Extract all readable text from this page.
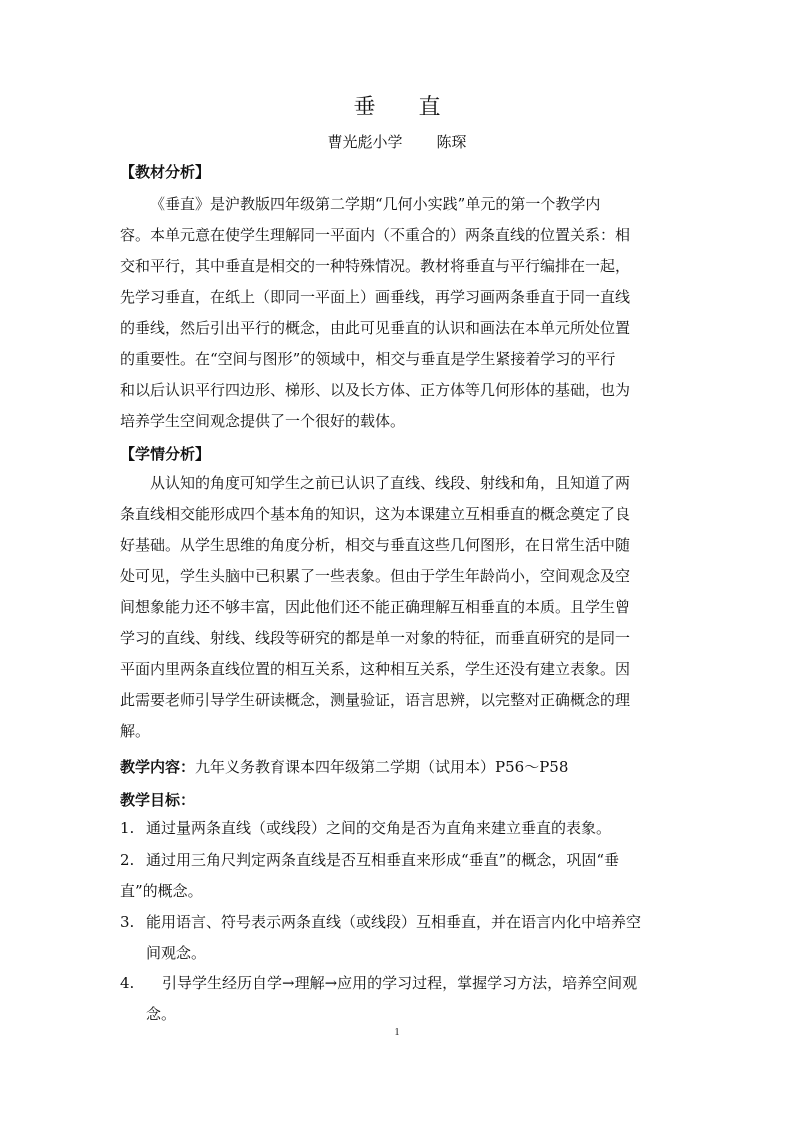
垂 直
曹光彪小学 陈琛
【教材分析】
《垂直》是沪教版四年级第二学期“几何小实践”单元的第一个教学内
容。本单元意在使学生理解同一平面内（不重合的）两条直线的位置关系：相
交和平行，其中垂直是相交的一种特殊情况。教材将垂直与平行编排在一起，
先学习垂直，在纸上（即同一平面上）画垂线，再学习画两条垂直于同一直线
的垂线，然后引出平行的概念，由此可见垂直的认识和画法在本单元所处位置
的重要性。在“空间与图形”的领域中，相交与垂直是学生紧接着学习的平行
和以后认识平行四边形、梯形、以及长方体、正方体等几何形体的基础，也为
培养学生空间观念提供了一个很好的载体。
【学情分析】
从认知的角度可知学生之前已认识了直线、线段、射线和角，且知道了两
条直线相交能形成四个基本角的知识，这为本课建立互相垂直的概念奠定了良
好基础。从学生思维的角度分析，相交与垂直这些几何图形，在日常生活中随
处可见，学生头脑中已积累了一些表象。但由于学生年龄尚小，空间观念及空
间想象能力还不够丰富，因此他们还不能正确理解互相垂直的本质。且学生曾
学习的直线、射线、线段等研究的都是单一对象的特征，而垂直研究的是同一
平面内里两条直线位置的相互关系，这种相互关系，学生还没有建立表象。因
此需要老师引导学生研读概念，测量验证，语言思辨，以完整对正确概念的理
解。
教学内容：九年义务教育课本四年级第二学期（试用本）P56～P58
教学目标：
1. 通过量两条直线（或线段）之间的交角是否为直角来建立垂直的表象。
2. 通过用三角尺判定两条直线是否互相垂直来形成“垂直”的概念，巩固“垂
直”的概念。
3. 能用语言、符号表示两条直线（或线段）互相垂直，并在语言内化中培养空
间观念。
4. 引导学生经历自学→理解→应用的学习过程，掌握学习方法，培养空间观
念。
1
